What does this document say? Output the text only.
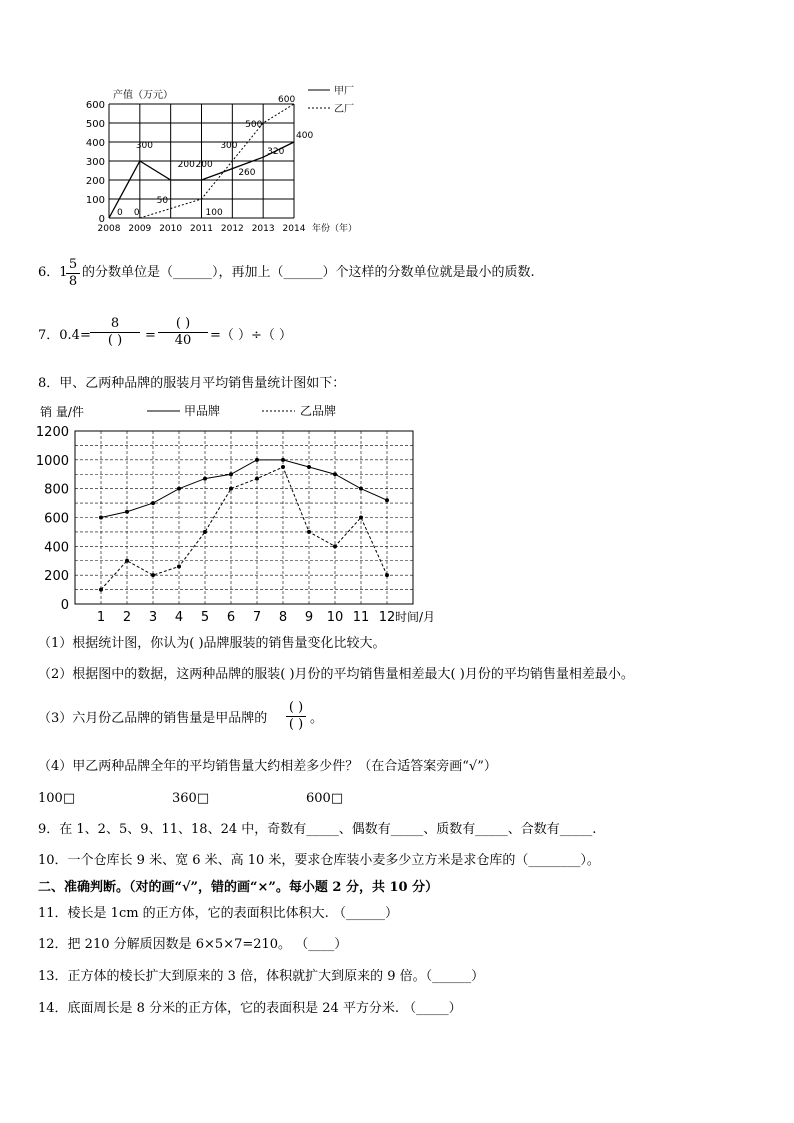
产值（万元）
0
100
200
300
400
500
600
2008 2009 2010 2011 2012 2013 2014 年份（年）
0
300
200 200
260
320
400
0
50
100
300
500
600
甲厂
乙厂
6．1
$\frac{5}{8}$ 的分数单位是（______），再加上（______）个这样的分数单位就是最小的质数.
7．0.4=
8
( )	=
( )
40	=（ ）÷（ ）
8．甲、乙两种品牌的服装月平均销售量统计图如下：
销 量/件	甲品牌	乙品牌
0
200
400
600
800
1000
1200
1 2 3 4 5 6 7 8 9 10 11 12 时间/月
（1）根据统计图，你认为( )品牌服装的销售量变化比较大。
（2）根据图中的数据，这两种品牌的服装( )月份的平均销售量相差最大( )月份的平均销售量相差最小。
（3）六月份乙品牌的销售量是甲品牌的
( )
( ) 。
（4）甲乙两种品牌全年的平均销售量大约相差多少件？（在合适答案旁画“√”）
100□	360□	600□
9．在 1、2、5、9、11、18、24 中，奇数有_____、偶数有_____、质数有_____、合数有_____.
10．一个仓库长 9 米、宽 6 米、高 10 米，要求仓库装小麦多少立方米是求仓库的（________）。
二、准确判断。（对的画“√”，错的画“×”。每小题 2 分，共 10 分）
11．棱长是 1cm 的正方体，它的表面积比体积大. （______）
12．把 210 分解质因数是 6×5×7=210。 （____）
13．正方体的棱长扩大到原来的 3 倍，体积就扩大到原来的 9 倍。（______）
14．底面周长是 8 分米的正方体，它的表面积是 24 平方分米. （_____）
